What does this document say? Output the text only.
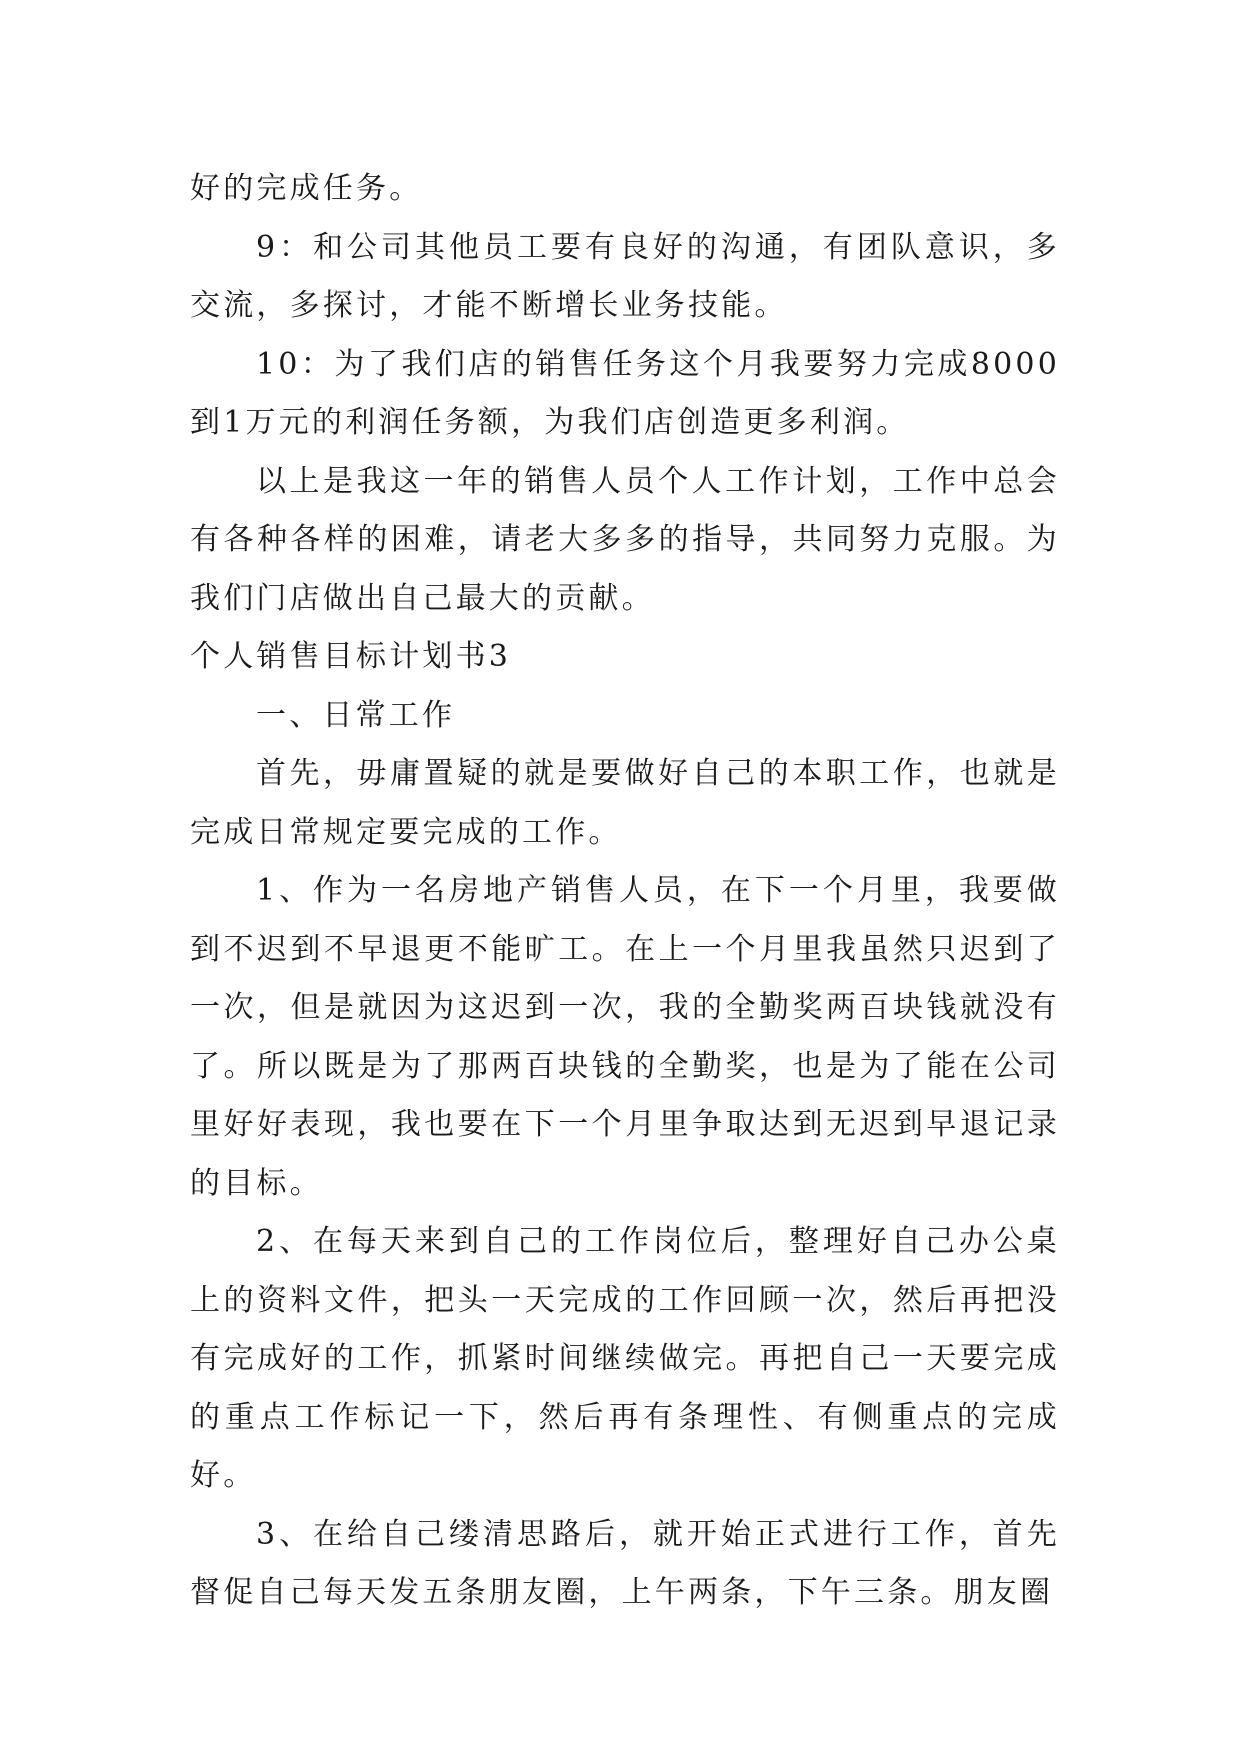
好的完成任务。

9：和公司其他员工要有良好的沟通，有团队意识，多交流，多探讨，才能不断增长业务技能。

10：为了我们店的销售任务这个月我要努力完成8000到1万元的利润任务额，为我们店创造更多利润。

以上是我这一年的销售人员个人工作计划，工作中总会有各种各样的困难，请老大多多的指导，共同努力克服。为我们门店做出自己最大的贡献。

个人销售目标计划书3

一、日常工作

首先，毋庸置疑的就是要做好自己的本职工作，也就是完成日常规定要完成的工作。

1、作为一名房地产销售人员，在下一个月里，我要做到不迟到不早退更不能旷工。在上一个月里我虽然只迟到了一次，但是就因为这迟到一次，我的全勤奖两百块钱就没有了。所以既是为了那两百块钱的全勤奖，也是为了能在公司里好好表现，我也要在下一个月里争取达到无迟到早退记录的目标。

2、在每天来到自己的工作岗位后，整理好自己办公桌上的资料文件，把头一天完成的工作回顾一次，然后再把没有完成好的工作，抓紧时间继续做完。再把自己一天要完成的重点工作标记一下，然后再有条理性、有侧重点的完成好。

3、在给自己缕清思路后，就开始正式进行工作，首先督促自己每天发五条朋友圈，上午两条，下午三条。朋友圈
